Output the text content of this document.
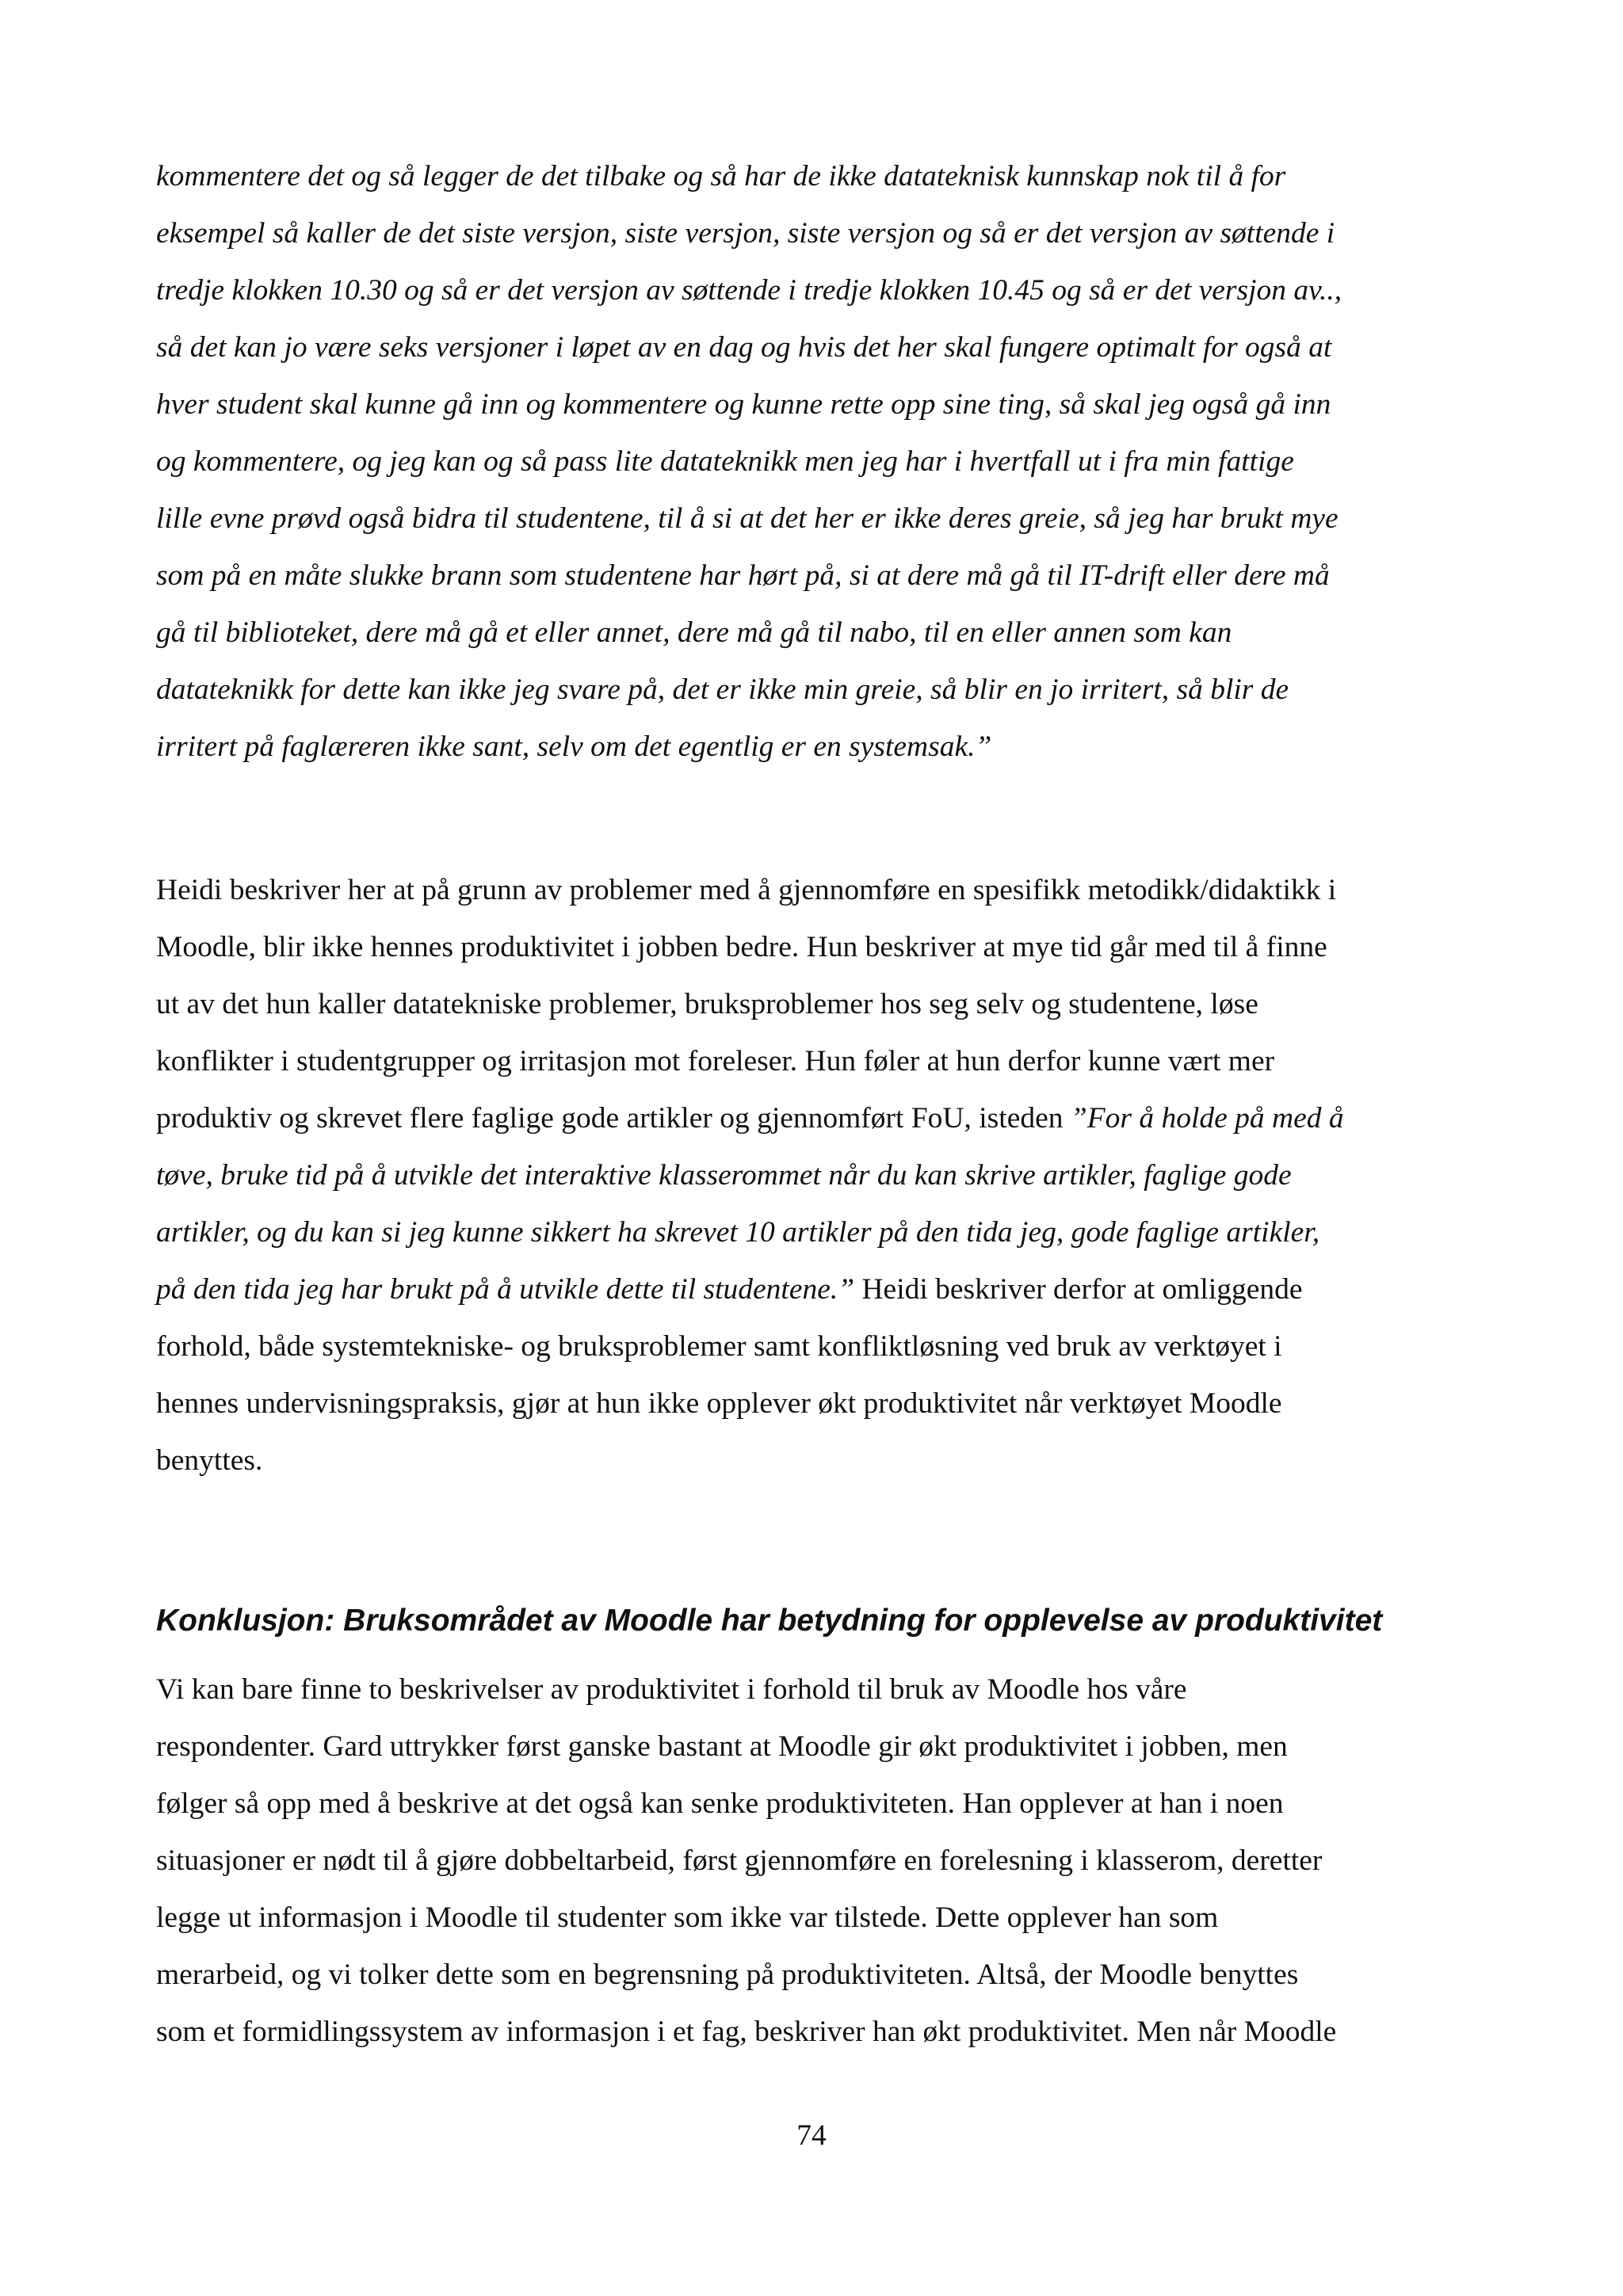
kommentere det og så legger de det tilbake og så har de ikke datateknisk kunnskap nok til å for
eksempel så kaller de det siste versjon, siste versjon, siste versjon og så er det versjon av søttende i
tredje klokken 10.30 og så er det versjon av søttende i tredje klokken 10.45 og så er det versjon av..,
så det kan jo være seks versjoner i løpet av en dag og hvis det her skal fungere optimalt for også at
hver student skal kunne gå inn og kommentere og kunne rette opp sine ting, så skal jeg også gå inn
og kommentere, og jeg kan og så pass lite datateknikk men jeg har i hvertfall ut i fra min fattige
lille evne prøvd også bidra til studentene, til å si at det her er ikke deres greie, så jeg har brukt mye
som på en måte slukke brann som studentene har hørt på, si at dere må gå til IT-drift eller dere må
gå til biblioteket, dere må gå et eller annet, dere må gå til nabo, til en eller annen som kan
datateknikk for dette kan ikke jeg svare på, det er ikke min greie, så blir en jo irritert, så blir de
irritert på faglæreren ikke sant, selv om det egentlig er en systemsak.”
Heidi beskriver her at på grunn av problemer med å gjennomføre en spesifikk metodikk/didaktikk i
Moodle, blir ikke hennes produktivitet i jobben bedre. Hun beskriver at mye tid går med til å finne
ut av det hun kaller datatekniske problemer, bruksproblemer hos seg selv og studentene, løse
konflikter i studentgrupper og irritasjon mot foreleser. Hun føler at hun derfor kunne vært mer
produktiv og skrevet flere faglige gode artikler og gjennomført FoU, isteden ”For å holde på med å
tøve, bruke tid på å utvikle det interaktive klasserommet når du kan skrive artikler, faglige gode
artikler, og du kan si jeg kunne sikkert ha skrevet 10 artikler på den tida jeg, gode faglige artikler,
på den tida jeg har brukt på å utvikle dette til studentene.” Heidi beskriver derfor at omliggende
forhold, både systemtekniske- og bruksproblemer samt konfliktløsning ved bruk av verktøyet i
hennes undervisningspraksis, gjør at hun ikke opplever økt produktivitet når verktøyet Moodle
benyttes.
Konklusjon: Bruksområdet av Moodle har betydning for opplevelse av produktivitet
Vi kan bare finne to beskrivelser av produktivitet i forhold til bruk av Moodle hos våre
respondenter. Gard uttrykker først ganske bastant at Moodle gir økt produktivitet i jobben, men
følger så opp med å beskrive at det også kan senke produktiviteten. Han opplever at han i noen
situasjoner er nødt til å gjøre dobbeltarbeid, først gjennomføre en forelesning i klasserom, deretter
legge ut informasjon i Moodle til studenter som ikke var tilstede. Dette opplever han som
merarbeid, og vi tolker dette som en begrensning på produktiviteten. Altså, der Moodle benyttes
som et formidlingssystem av informasjon i et fag, beskriver han økt produktivitet. Men når Moodle
74
